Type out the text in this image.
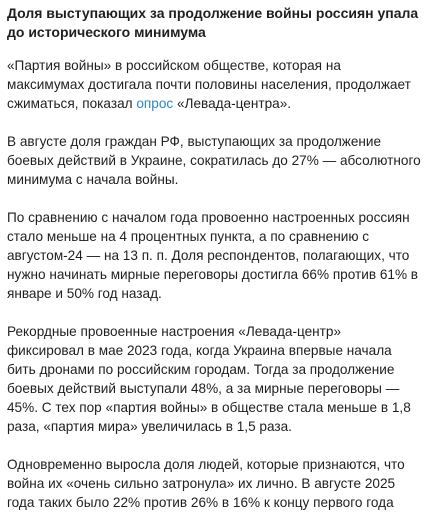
Доля выступающих за продолжение войны россиян упала до исторического минимума

«Партия войны» в российском обществе, которая на максимумах достигала почти половины населения, продолжает сжиматься, показал опрос «Левада-центра».

В августе доля граждан РФ, выступающих за продолжение боевых действий в Украине, сократилась до 27% — абсолютного минимума с начала войны.

По сравнению с началом года провоенно настроенных россиян стало меньше на 4 процентных пункта, а по сравнению с августом-24 — на 13 п. п. Доля респондентов, полагающих, что нужно начинать мирные переговоры достигла 66% против 61% в январе и 50% год назад.

Рекордные провоенные настроения «Левада-центр» фиксировал в мае 2023 года, когда Украина впервые начала бить дронами по российским городам. Тогда за продолжение боевых действий выступали 48%, а за мирные переговоры — 45%. С тех пор «партия войны» в обществе стала меньше в 1,8 раза, «партия мира» увеличилась в 1,5 раза.

Одновременно выросла доля людей, которые признаются, что война их «очень сильно затронула» их лично. В августе 2025 года таких было 22% против 26% в 16% к концу первого года
